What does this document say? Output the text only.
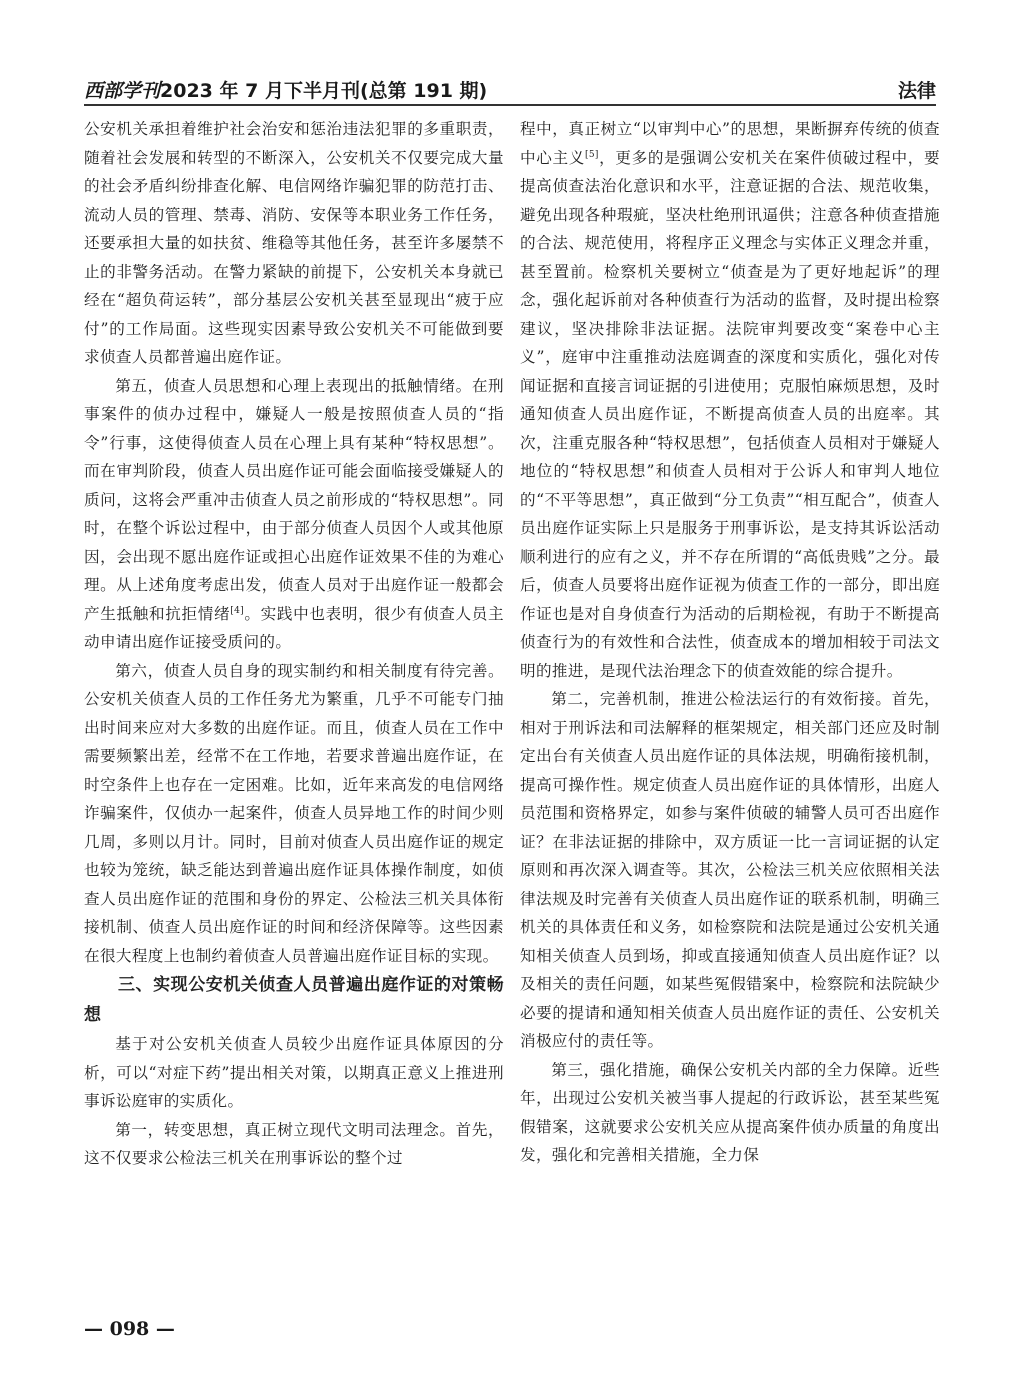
西部学刊2023 年 7 月下半月刊(总第 191 期)	法律

公安机关承担着维护社会治安和惩治违法犯罪的多重职责，随着社会发展和转型的不断深入，公安机关不仅要完成大量的社会矛盾纠纷排查化解、电信网络诈骗犯罪的防范打击、流动人员的管理、禁毒、消防、安保等本职业务工作任务，还要承担大量的如扶贫、维稳等其他任务，甚至许多屡禁不止的非警务活动。在警力紧缺的前提下，公安机关本身就已经在“超负荷运转”，部分基层公安机关甚至显现出“疲于应付”的工作局面。这些现实因素导致公安机关不可能做到要求侦查人员都普遍出庭作证。

第五，侦查人员思想和心理上表现出的抵触情绪。在刑事案件的侦办过程中，嫌疑人一般是按照侦查人员的“指令”行事，这使得侦查人员在心理上具有某种“特权思想”。而在审判阶段，侦查人员出庭作证可能会面临接受嫌疑人的质问，这将会严重冲击侦查人员之前形成的“特权思想”。同时，在整个诉讼过程中，由于部分侦查人员因个人或其他原因，会出现不愿出庭作证或担心出庭作证效果不佳的为难心理。从上述角度考虑出发，侦查人员对于出庭作证一般都会产生抵触和抗拒情绪[4]。实践中也表明，很少有侦查人员主动申请出庭作证接受质问的。

第六，侦查人员自身的现实制约和相关制度有待完善。公安机关侦查人员的工作任务尤为繁重，几乎不可能专门抽出时间来应对大多数的出庭作证。而且，侦查人员在工作中需要频繁出差，经常不在工作地，若要求普遍出庭作证，在时空条件上也存在一定困难。比如，近年来高发的电信网络诈骗案件，仅侦办一起案件，侦查人员异地工作的时间少则几周，多则以月计。同时，目前对侦查人员出庭作证的规定也较为笼统，缺乏能达到普遍出庭作证具体操作制度，如侦查人员出庭作证的范围和身份的界定、公检法三机关具体衔接机制、侦查人员出庭作证的时间和经济保障等。这些因素在很大程度上也制约着侦查人员普遍出庭作证目标的实现。

三、实现公安机关侦查人员普遍出庭作证的对策畅想

基于对公安机关侦查人员较少出庭作证具体原因的分析，可以“对症下药”提出相关对策，以期真正意义上推进刑事诉讼庭审的实质化。

第一，转变思想，真正树立现代文明司法理念。首先，这不仅要求公检法三机关在刑事诉讼的整个过

程中，真正树立“以审判中心”的思想，果断摒弃传统的侦查中心主义[5]，更多的是强调公安机关在案件侦破过程中，要提高侦查法治化意识和水平，注意证据的合法、规范收集，避免出现各种瑕疵，坚决杜绝刑讯逼供；注意各种侦查措施的合法、规范使用，将程序正义理念与实体正义理念并重，甚至置前。检察机关要树立“侦查是为了更好地起诉”的理念，强化起诉前对各种侦查行为活动的监督，及时提出检察建议，坚决排除非法证据。法院审判要改变“案卷中心主义”，庭审中注重推动法庭调查的深度和实质化，强化对传闻证据和直接言词证据的引进使用；克服怕麻烦思想，及时通知侦查人员出庭作证，不断提高侦查人员的出庭率。其次，注重克服各种“特权思想”，包括侦查人员相对于嫌疑人地位的“特权思想”和侦查人员相对于公诉人和审判人地位的“不平等思想”，真正做到“分工负责”“相互配合”，侦查人员出庭作证实际上只是服务于刑事诉讼，是支持其诉讼活动顺利进行的应有之义，并不存在所谓的“高低贵贱”之分。最后，侦查人员要将出庭作证视为侦查工作的一部分，即出庭作证也是对自身侦查行为活动的后期检视，有助于不断提高侦查行为的有效性和合法性，侦查成本的增加相较于司法文明的推进，是现代法治理念下的侦查效能的综合提升。

第二，完善机制，推进公检法运行的有效衔接。首先，相对于刑诉法和司法解释的框架规定，相关部门还应及时制定出台有关侦查人员出庭作证的具体法规，明确衔接机制，提高可操作性。规定侦查人员出庭作证的具体情形，出庭人员范围和资格界定，如参与案件侦破的辅警人员可否出庭作证？在非法证据的排除中，双方质证一比一言词证据的认定原则和再次深入调查等。其次，公检法三机关应依照相关法律法规及时完善有关侦查人员出庭作证的联系机制，明确三机关的具体责任和义务，如检察院和法院是通过公安机关通知相关侦查人员到场，抑或直接通知侦查人员出庭作证？以及相关的责任问题，如某些冤假错案中，检察院和法院缺少必要的提请和通知相关侦查人员出庭作证的责任、公安机关消极应付的责任等。

第三，强化措施，确保公安机关内部的全力保障。近些年，出现过公安机关被当事人提起的行政诉讼，甚至某些冤假错案，这就要求公安机关应从提高案件侦办质量的角度出发，强化和完善相关措施，全力保

— 098 —
